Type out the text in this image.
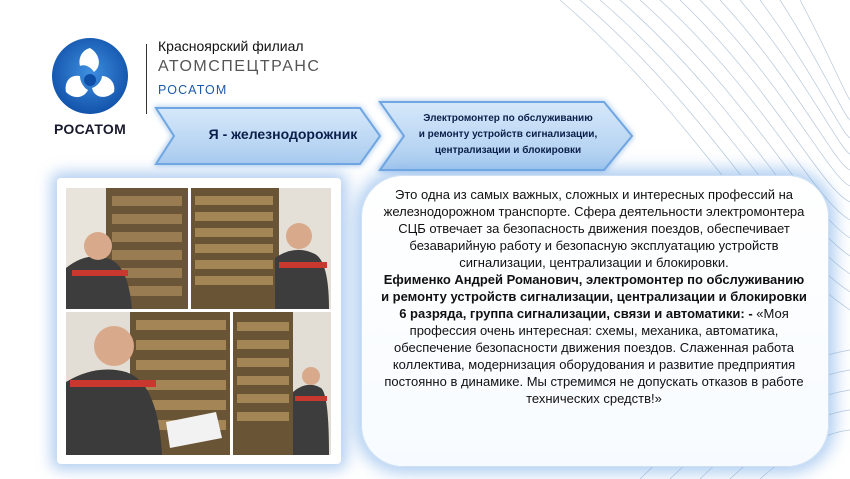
РОСАТОМ
Красноярский филиал
АТОМСПЕЦТРАНС
РОСАТОМ
Я - железнодорожник
Электромонтер по обслуживанию
и ремонту устройств сигнализации,
централизации и блокировки

Это одна из самых важных, сложных и интересных профессий на железнодорожном транспорте. Сфера деятельности электромонтера СЦБ отвечает за безопасность движения поездов, обеспечивает безаварийную работу и безопасную эксплуатацию устройств сигнализации, централизации и блокировки.

Ефименко Андрей Романович, электромонтер по обслуживанию и ремонту устройств сигнализации, централизации и блокировки 6 разряда, группа сигнализации, связи и автоматики: - «Моя профессия очень интересная: схемы, механика, автоматика, обеспечение безопасности движения поездов. Слаженная работа коллектива, модернизация оборудования и развитие предприятия постоянно в динамике. Мы стремимся не допускать отказов в работе технических средств!»
